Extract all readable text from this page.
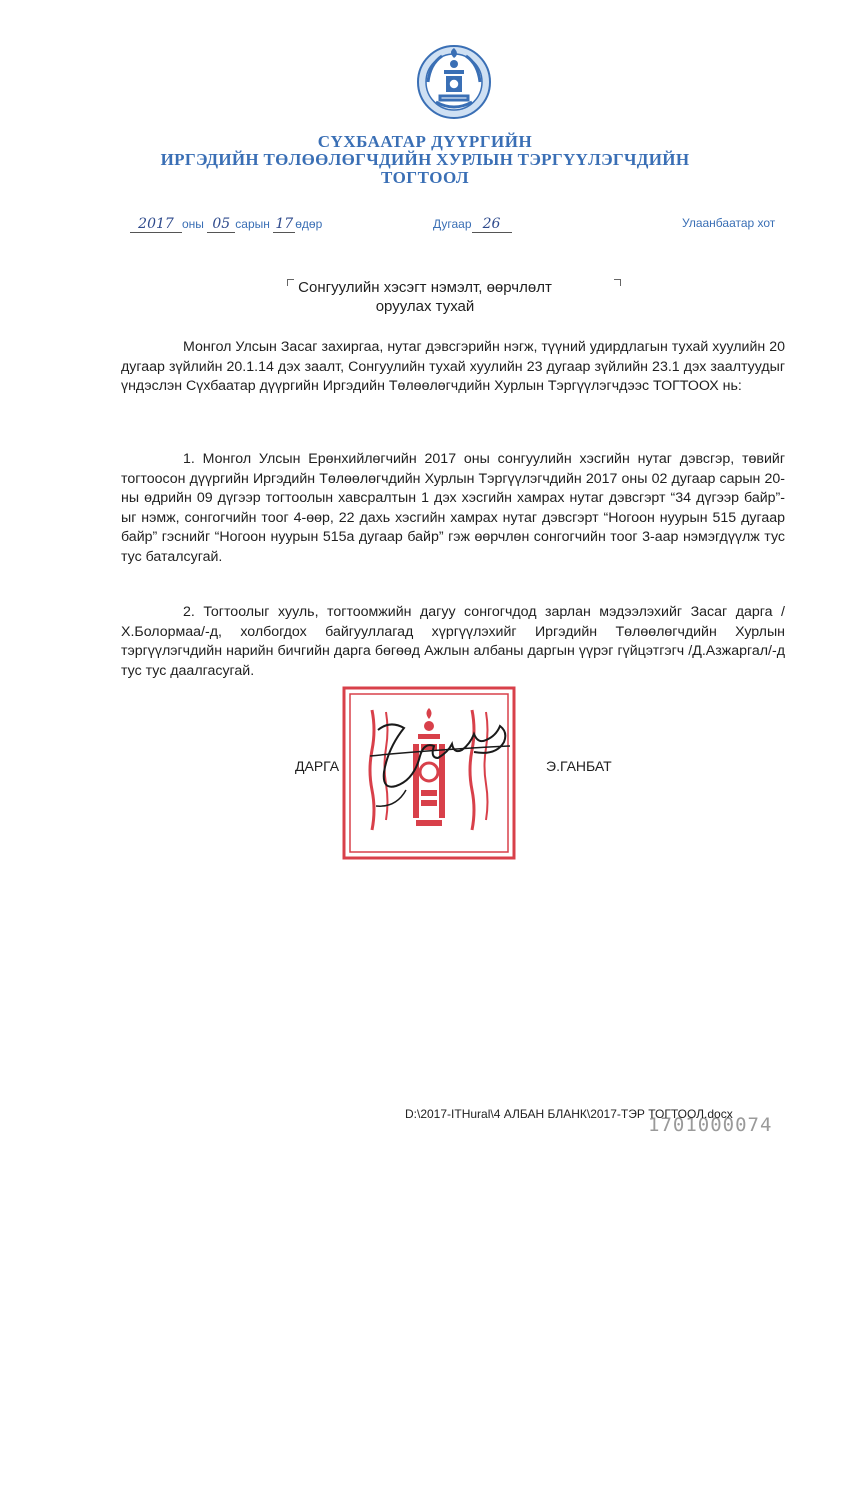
СҮХБААТАР ДҮҮРГИЙН
ИРГЭДИЙН ТӨЛӨӨЛӨГЧДИЙН ХУРЛЫН ТЭРГҮҮЛЭГЧДИЙН
ТОГТООЛ
2017 оны 05 сарын 17 өдөр	Дугаар 26	Улаанбаатар хот
Сонгуулийн хэсэгт нэмэлт, өөрчлөлт
оруулах тухай

Монгол Улсын Засаг захиргаа, нутаг дэвсгэрийн нэгж, түүний удирдлагын тухай хуулийн 20 дугаар зүйлийн 20.1.14 дэх заалт, Сонгуулийн тухай хуулийн 23 дугаар зүйлийн 23.1 дэх заалтуудыг үндэслэн Сүхбаатар дүүргийн Иргэдийн Төлөөлөгчдийн Хурлын Тэргүүлэгчдээс ТОГТООХ нь:

1. Монгол Улсын Ерөнхийлөгчийн 2017 оны сонгуулийн хэсгийн нутаг дэвсгэр, төвийг тогтоосон дүүргийн Иргэдийн Төлөөлөгчдийн Хурлын Тэргүүлэгчдийн 2017 оны 02 дугаар сарын 20-ны өдрийн 09 дүгээр тогтоолын хавсралтын 1 дэх хэсгийн хамрах нутаг дэвсгэрт “34 дүгээр байр”-ыг нэмж, сонгогчийн тоог 4-өөр, 22 дахь хэсгийн хамрах нутаг дэвсгэрт “Ногоон нуурын 515 дугаар байр” гэснийг “Ногоон нуурын 515а дугаар байр” гэж өөрчлөн сонгогчийн тоог 3-аар нэмэгдүүлж тус тус баталсугай.

2. Тогтоолыг хууль, тогтоомжийн дагуу сонгогчдод зарлан мэдээлэхийг Засаг дарга /Х.Болормаа/-д, холбогдох байгууллагад хүргүүлэхийг Иргэдийн Төлөөлөгчдийн Хурлын тэргүүлэгчдийн нарийн бичгийн дарга бөгөөд Ажлын албаны даргын үүрэг гүйцэтгэгч /Д.Азжаргал/-д тус тус даалгасугай.

ДАРГА	Э.ГАНБАТ
1701000074
D:\2017-ITHural\4 АЛБАН БЛАНК\2017-ТЭР ТОГТООЛ.docx
